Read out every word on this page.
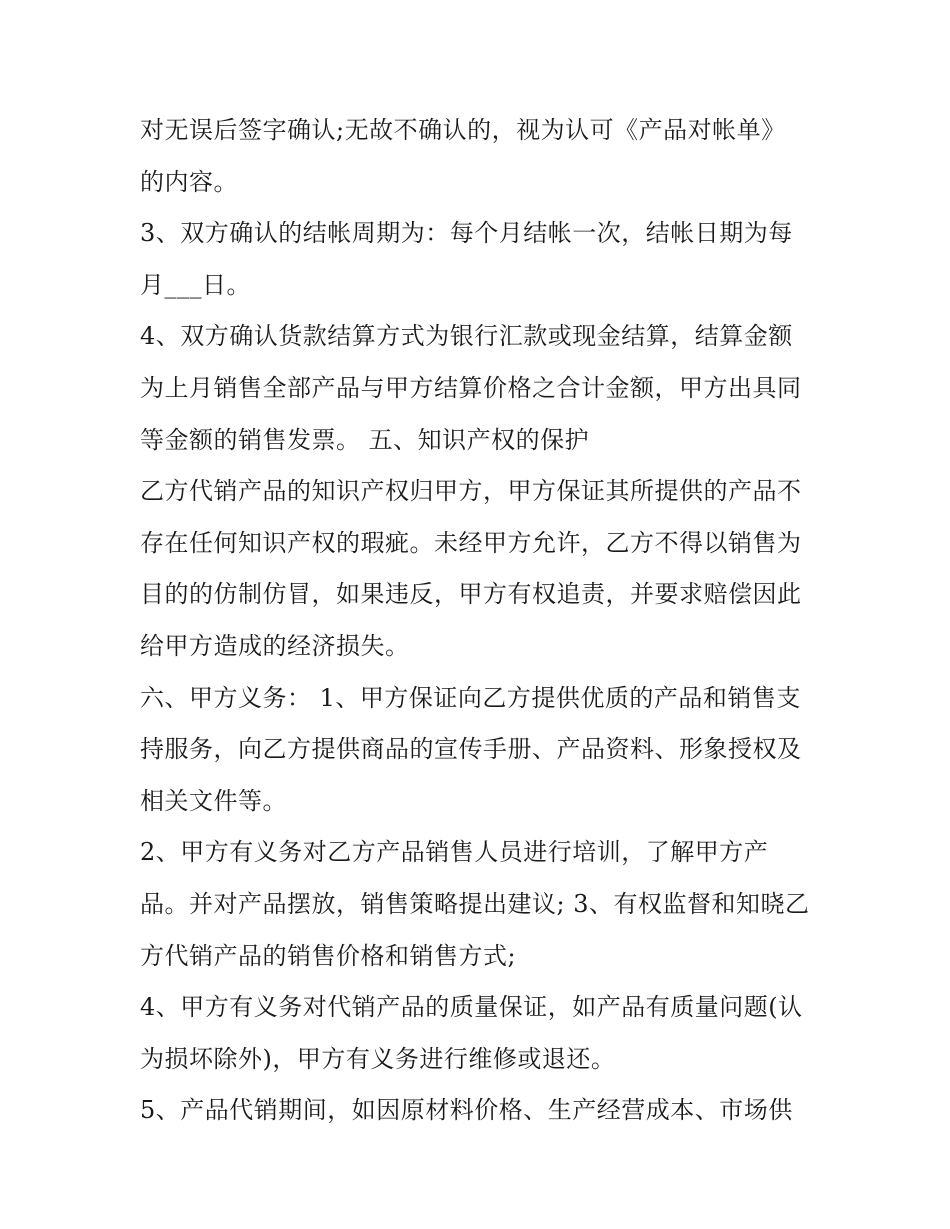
对无误后签字确认;无故不确认的，视为认可《产品对帐单》
的内容。
3、双方确认的结帐周期为：每个月结帐一次，结帐日期为每
月___日。
4、双方确认货款结算方式为银行汇款或现金结算，结算金额
为上月销售全部产品与甲方结算价格之合计金额，甲方出具同
等金额的销售发票。 五、知识产权的保护
乙方代销产品的知识产权归甲方，甲方保证其所提供的产品不
存在任何知识产权的瑕疵。未经甲方允许，乙方不得以销售为
目的的仿制仿冒，如果违反，甲方有权追责，并要求赔偿因此
给甲方造成的经济损失。
六、甲方义务： 1、甲方保证向乙方提供优质的产品和销售支
持服务，向乙方提供商品的宣传手册、产品资料、形象授权及
相关文件等。
2、甲方有义务对乙方产品销售人员进行培训，了解甲方产
品。并对产品摆放，销售策略提出建议; 3、有权监督和知晓乙
方代销产品的销售价格和销售方式;
4、甲方有义务对代销产品的质量保证，如产品有质量问题(认
为损坏除外)，甲方有义务进行维修或退还。
5、产品代销期间，如因原材料价格、生产经营成本、市场供
